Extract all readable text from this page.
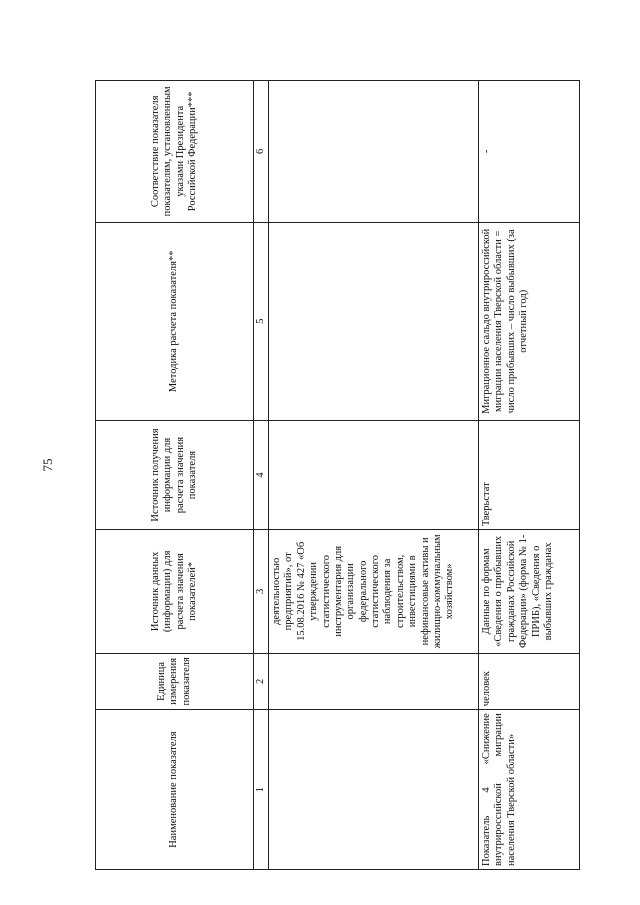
75
Наименование показателя	Единица измерения показателя	Источник данных (информации) для расчета значения показателей*	Источник получения информации для расчета значения показателя	Методика расчета показателя**	Соответствие показателя показателям, установленным указами Президента Российской Федерации***
1	2	3	4	5	6
		деятельностью предприятий», от 15.08.2016 № 427 «Об утверждении статистического инструментария для организации федерального статистического наблюдения за строительством, инвестициями в нефинансовые активы и жилищно-коммунальным хозяйством»			
Показатель 4 «Снижение внутрироссийской миграции населения Тверской области»	человек	Данные по формам «Сведения о прибывших гражданах Российской Федерации» (форма № 1-ПРИБ), «Сведения о выбывших гражданах	Тверьстат	Миграционное сальдо внутрироссийской миграции населения Тверской области = число прибывших – число выбывших (за отчетный год)	-
